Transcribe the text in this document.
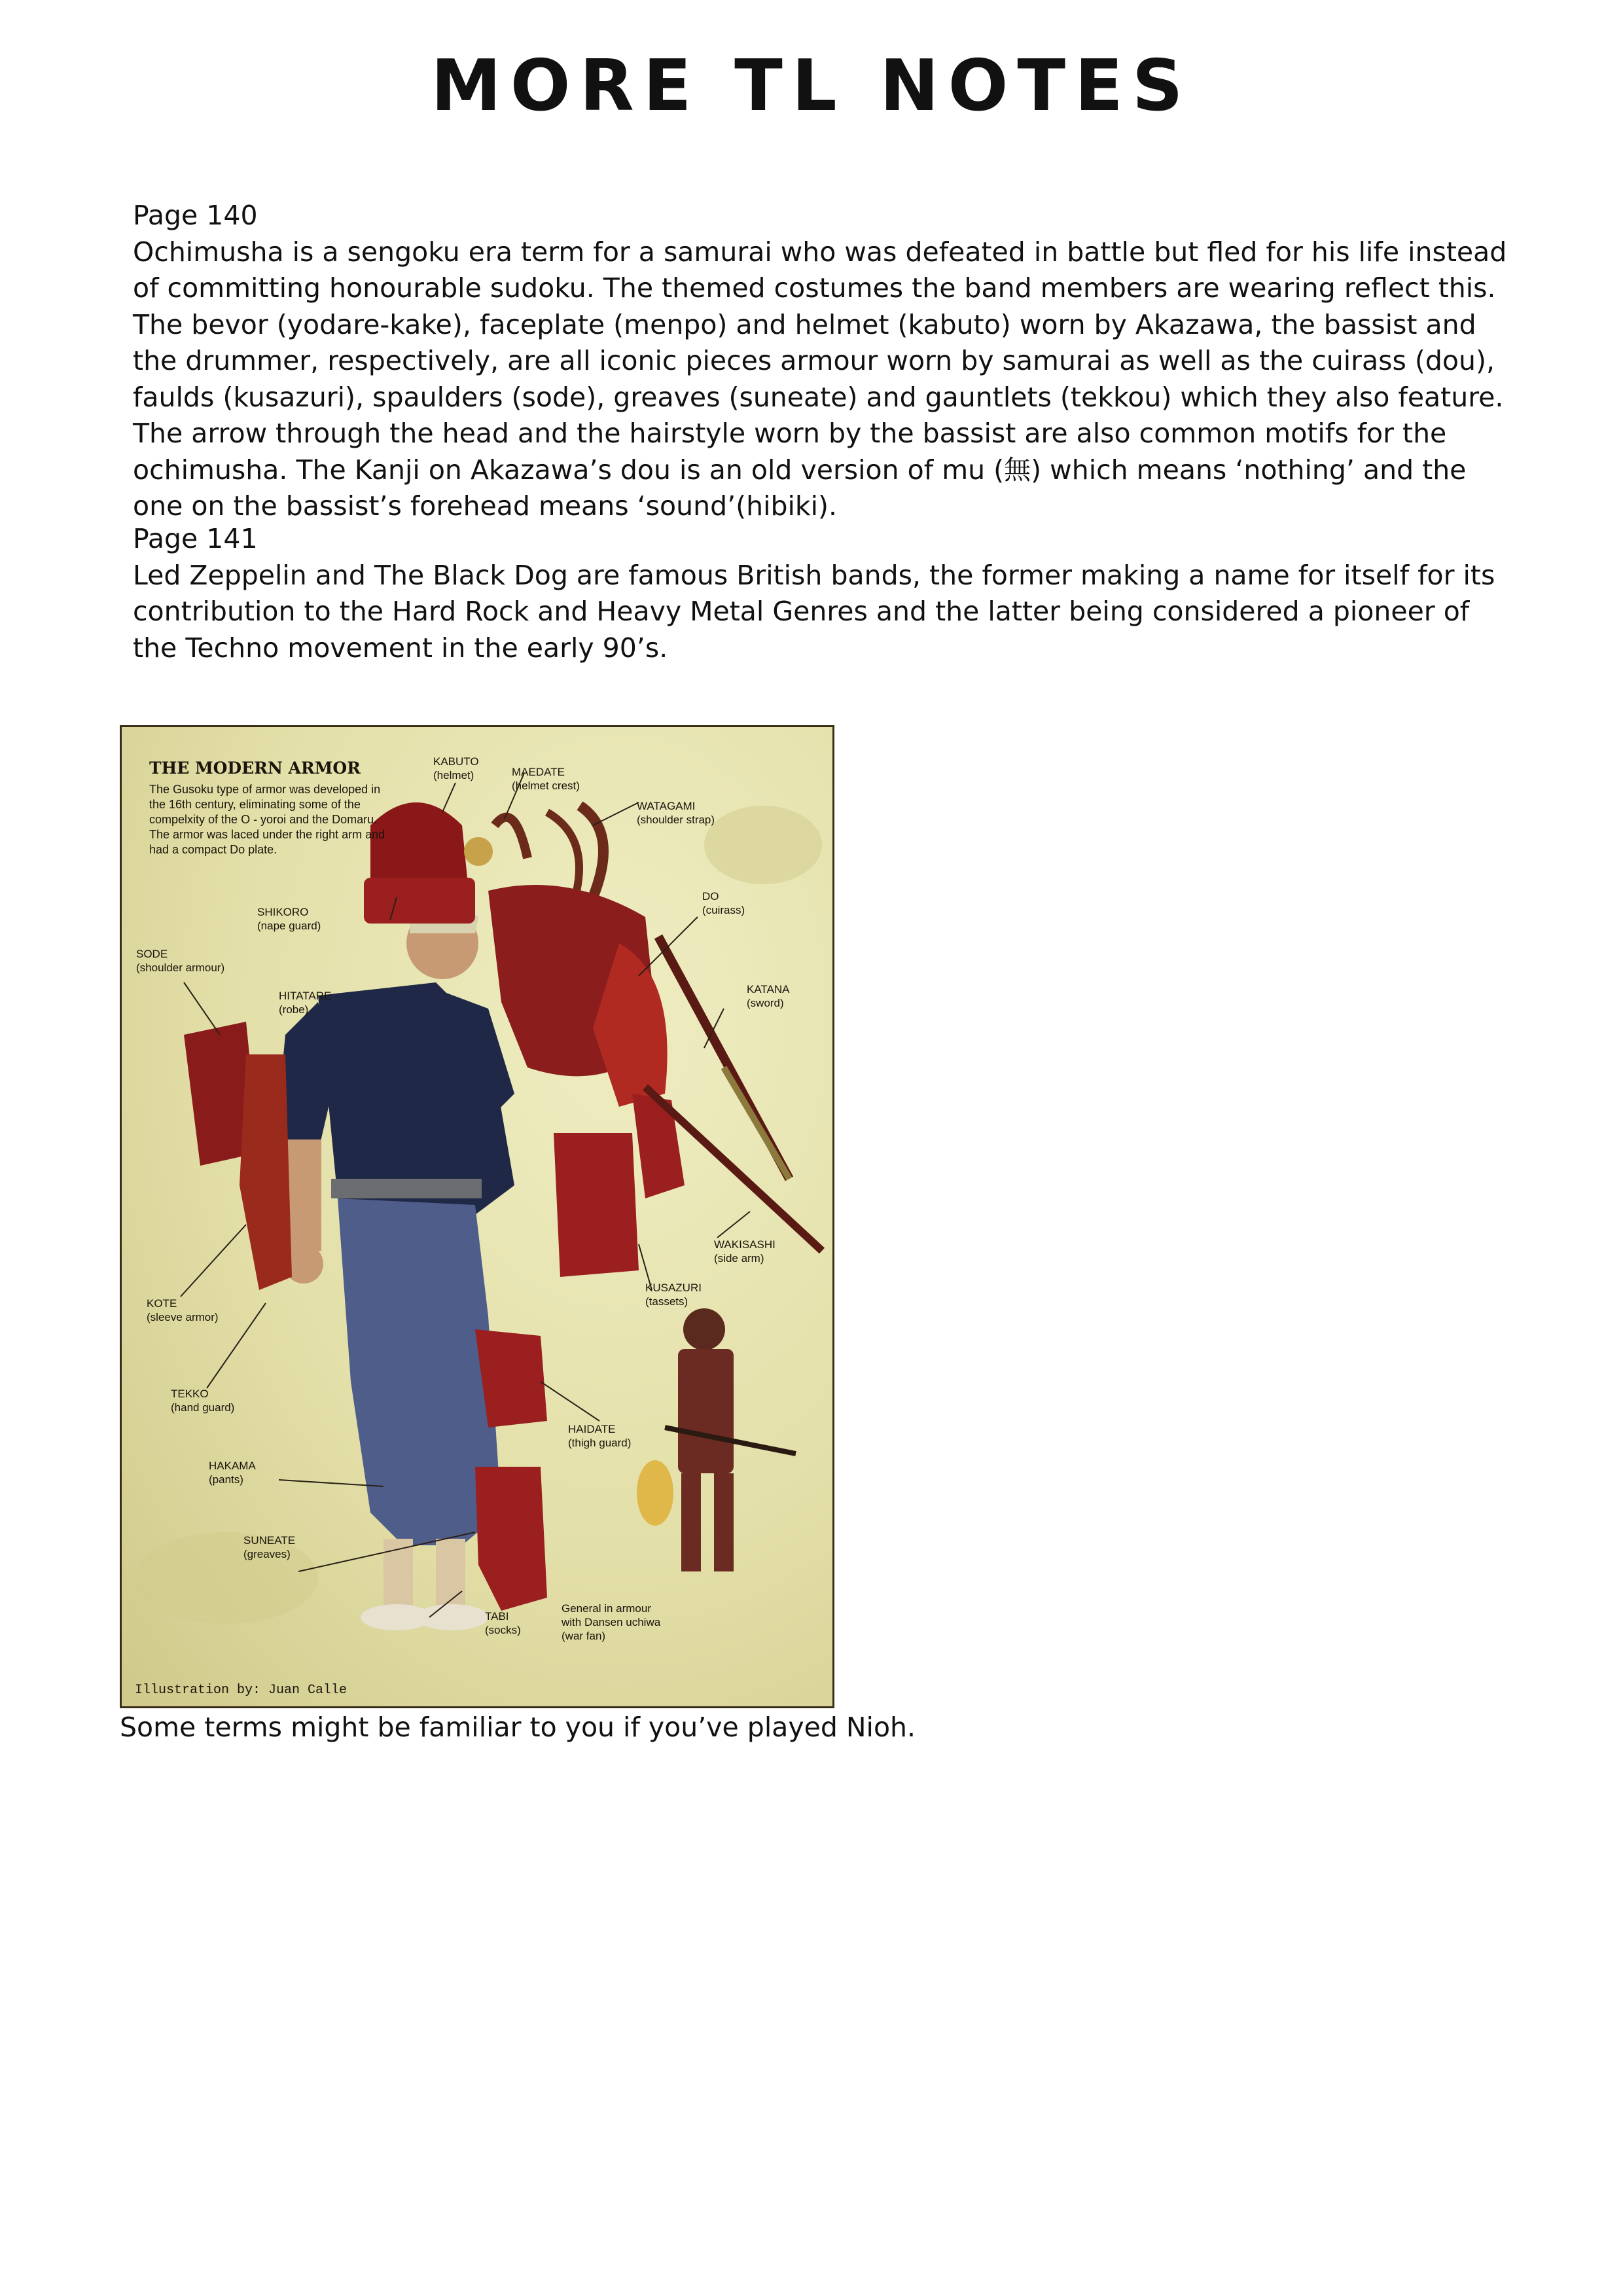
MORE TL NOTES
Page 140
Ochimusha is a sengoku era term for a samurai who was defeated in battle but fled for his life instead of committing honourable sudoku. The themed costumes the band members are wearing reflect this. The bevor (yodare-kake), faceplate (menpo) and helmet (kabuto) worn by Akazawa, the bassist and the drummer, respectively, are all iconic pieces armour worn by samurai as well as the cuirass (dou), faulds (kusazuri), spaulders (sode), greaves (suneate) and gauntlets (tekkou) which they also feature. The arrow through the head and the hairstyle worn by the bassist are also common motifs for the ochimusha. The Kanji on Akazawa’s dou is an old version of mu (無) which means ‘nothing’ and the one on the bassist’s forehead means ‘sound’(hibiki).
Page 141
Led Zeppelin and The Black Dog are famous British bands, the former making a name for itself for its contribution to the Hard Rock and Heavy Metal Genres and the latter being considered a pioneer of the Techno movement in the early 90’s.
THE MODERN ARMOR
The Gusoku type of armor was developed in the 16th century, eliminating some of the compelxity of the O - yoroi and the Domaru. The armor was laced under the right arm and had a compact Do plate.
KABUTO
(helmet)	MAEDATE
(helmet crest)
WATAGAMI
(shoulder strap)
SHIKORO
(nape guard)
DO
(cuirass)
SODE
(shoulder armour)
HITATARE
(robe)
KATANA
(sword)
WAKISASHI
(side arm)
KOTE
(sleeve armor)
KUSAZURI
(tassets)
TEKKO
(hand guard)
HAIDATE
(thigh guard)
HAKAMA
(pants)
SUNEATE
(greaves)
TABI
(socks)
General in armour
with Dansen uchiwa
(war fan)
Illustration by: Juan Calle
Some terms might be familiar to you if you’ve played Nioh.
